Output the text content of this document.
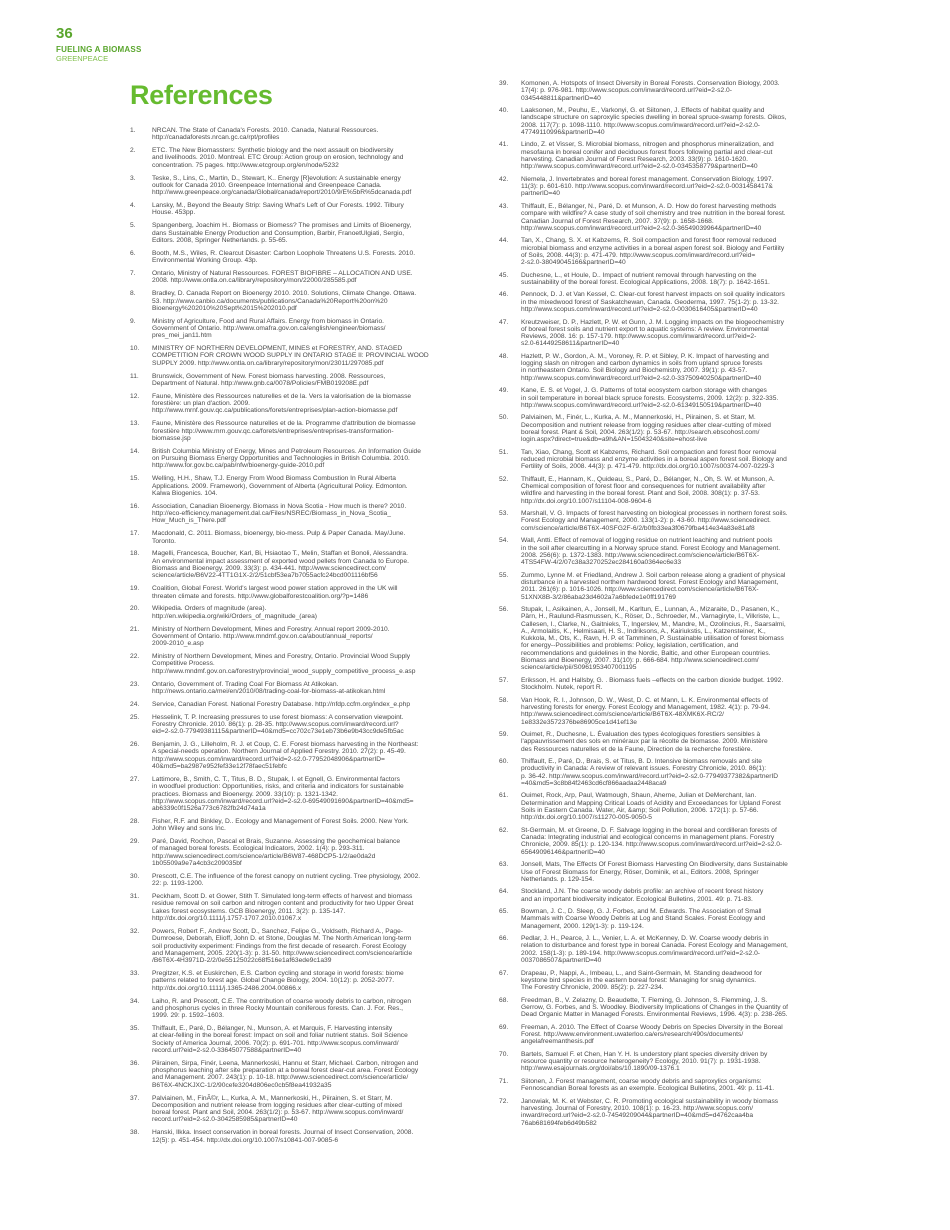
36
FUELING A BIOMASS
GREENPEACE
References
1.	NRCAN. The State of Canada's Forests. 2010. Canada, Natural Ressources.
http://canadaforests.nrcan.gc.ca/rpt/profiles
2.	ETC. The New Biomassters: Synthetic biology and the next assault on biodiversity
and livelihoods. 2010. Montreal. ETC Group: Action group on erosion, technology and
concentration. 75 pages. http://www.etcgroup.org/en/node/5232
3.	Teske, S., Lins, C., Martin, D., Stewart, K.. Energy [R]evolution: A sustainable energy
outlook for Canada 2010. Greenpeace International and Greenpeace Canada.
http://www.greenpeace.org/canada/Global/canada/report/2010/9/E%5bR%5dcanada.pdf
4.	Lansky, M., Beyond the Beauty Strip: Saving What's Left of Our Forests. 1992. Tilbury
House. 453pp.
5.	Spangenberg, Joachim H.. Biomass or Biomess? The promises and Limits of Bioenergy,
dans Sustainable Energy Production and Consumption, Barbir, FranoetUlgiati, Sergio,
Editors. 2008, Springer Netherlands. p. 55-65.
6.	Booth, M.S., Wiles, R. Clearcut Disaster: Carbon Loophole Threatens U.S. Forests. 2010.
Environmental Working Group. 43p.
7.	Ontario, Ministry of Natural Ressources. FOREST BIOFIBRE – ALLOCATION AND USE.
2008. http://www.ontla.on.ca/library/repository/mon/22000/285585.pdf
8.	Bradley, D. Canada Report on Bioenergy 2010. 2010. Solutions, Climate Change. Ottawa.
53. http://www.canbio.ca/documents/publications/Canada%20Report%20on%20
Bioenergy%202010%20Sept%2015%202010.pdf
9.	Ministry of Agriculture, Food and Rural Affairs. Energy from biomass in Ontario.
Government of Ontario. http://www.omafra.gov.on.ca/english/engineer/biomass/
pres_mei_jan11.htm
10.	MINISTRY OF NORTHERN DEVELOPMENT, MINES et FORESTRY, AND. STAGED
COMPETITION FOR CROWN WOOD SUPPLY IN ONTARIO STAGE II: PROVINCIAL WOOD
SUPPLY 2009. http://www.ontla.on.ca/library/repository/mon/23011/297085.pdf
11.	Brunswick, Government of New. Forest biomass harvesting. 2008. Ressources,
Department of Natural. http://www.gnb.ca/0078/Policies/FMB019208E.pdf
12.	Faune, Ministère des Ressources naturelles et de la. Vers la valorisation de la biomasse
forestière: un plan d'action. 2009.
http://www.mrnf.gouv.qc.ca/publications/forets/entreprises/plan-action-biomasse.pdf
13.	Faune, Ministère des Ressource naturelles et de la. Programme d'attribution de biomasse
forestière http://www.mrn.gouv.qc.ca/forets/entreprises/entreprises-transformation-
biomasse.jsp
14.	British Columbia Ministry of Energy, Mines and Petroleum Resources. An Information Guide
on Pursuing Biomass Energy Opportunities and Technologies in British Columbia. 2010.
http://www.for.gov.bc.ca/pab/nfw/bioenergy-guide-2010.pdf
15.	Welling, H.H., Shaw, T.J. Energy From Wood Biomass Combustion In Rural Alberta
Applications. 2009. Framework), Government of Alberta (Agricultural Policy. Edmonton.
Kalwa Biogenics. 104.
16.	Association, Canadian Bioenergy. Biomass in Nova Scotia - How much is there? 2010.
http://eco-efficiency.management.dal.ca/Files/NSREC/Biomass_in_Nova_Scotia_
How_Much_is_There.pdf
17.	Macdonald, C. 2011. Biomass, bioenergy, bio-mess. Pulp & Paper Canada. May/June.
Toronto.
18.	Magelli, Francesca, Boucher, Karl, Bi, Hsiaotao T., Melin, Staffan et Bonoli, Alessandra.
An environmental impact assessment of exported wood pellets from Canada to Europe.
Biomass and Bioenergy. 2009. 33(3): p. 434-441. http://www.sciencedirect.com/
science/article/B6V22-4TT1G1X-2/2/51cbf53ea7b7055acfc24bcd001116bf56
19.	Coalition, Global Forest. World's largest wood power station approved in the UK will
threaten climate and forests. http://www.globalforestcoalition.org/?p=1486
20.	Wikipedia. Orders of magnitude (area).
http://en.wikipedia.org/wiki/Orders_of_magnitude_(area)
21.	Ministry of Northern Development, Mines and Forestry. Annual report 2009-2010.
Government of Ontario. http://www.mndmf.gov.on.ca/about/annual_reports/
2009-2010_e.asp
22.	Ministry of Northern Development, Mines and Forestry, Ontario. Provincial Wood Supply
Competitive Process.
http://www.mndmf.gov.on.ca/forestry/provincial_wood_supply_competitive_process_e.asp
23.	Ontario, Government of. Trading Coal For Biomass At Atikokan.
http://news.ontario.ca/mei/en/2010/08/trading-coal-for-biomass-at-atikokan.html
24.	Service, Canadian Forest. National Forestry Database. http://nfdp.ccfm.org/index_e.php
25.	Hesselink, T. P. Increasing pressures to use forest biomass: A conservation viewpoint.
Forestry Chronicle. 2010. 86(1): p. 28-35. http://www.scopus.com/inward/record.url?
eid=2-s2.0-77949381115&partnerID=40&md5=cc702c73e1eb73b6e9b43cc9de5fb5ac
26.	Benjamin, J. G., Lilleholm, R. J. et Coup, C. E. Forest biomass harvesting in the Northeast:
A special-needs operation. Northern Journal of Applied Forestry. 2010. 27(2): p. 45-49.
http://www.scopus.com/inward/record.url?eid=2-s2.0-77952048906&partnerID=
40&md5=ba2987e952fef33e12f78faec51febfc
27.	Lattimore, B., Smith, C. T., Titus, B. D., Stupak, I. et Egnell, G. Environmental factors
in woodfuel production: Opportunities, risks, and criteria and indicators for sustainable
practices. Biomass and Bioenergy. 2009. 33(10): p. 1321-1342.
http://www.scopus.com/inward/record.url?eid=2-s2.0-69549091690&partnerID=40&md5=
ab6339c0f1526a773c6782fb24d74a1a
28.	Fisher, R.F. and Binkley, D.. Ecology and Management of Forest Soils. 2000. New York.
John Wiley and sons Inc.
29.	Paré, David, Rochon, Pascal et Brais, Suzanne. Assessing the geochemical balance
of managed boreal forests. Ecological Indicators, 2002. 1(4): p. 293-311.
http://www.sciencedirect.com/science/article/B6W87-468DCP5-1/2/ae0da2d
1b05509a9e7a4cb3c209035bf
30.	Prescott, C.E. The influence of the forest canopy on nutrient cycling. Tree physiology, 2002.
22: p. 1193-1200.
31.	Peckham, Scott D. et Gower, Stith T. Simulated long-term effects of harvest and biomass
residue removal on soil carbon and nitrogen content and productivity for two Upper Great
Lakes forest ecosystems. GCB Bioenergy, 2011. 3(2): p. 135-147.
http://dx.doi.org/10.1111/j.1757-1707.2010.01067.x
32.	Powers, Robert F., Andrew Scott, D., Sanchez, Felipe G., Voldseth, Richard A., Page-
Dumroese, Deborah, Elioff, John D. et Stone, Douglas M. The North American long-term
soil productivity experiment: Findings from the first decade of research. Forest Ecology
and Management, 2005. 220(1-3): p. 31-50. http://www.sciencedirect.com/science/article
/B6T6X-4H3971D-2/2/0e55125022c68f516e1af63ede9c1a39
33.	Pregitzer, K.S. et Euskirchen, E.S. Carbon cycling and storage in world forests: biome
patterns related to forest age. Global Change Biology, 2004. 10(12): p. 2052-2077.
http://dx.doi.org/10.1111/j.1365-2486.2004.00866.x
34.	Laiho, R. and Prescott, C.E. The contribution of coarse woody debris to carbon, nitrogen
and phosphorus cycles in three Rocky Mountain coniferous forests. Can. J. For. Res.,
1999. 29: p. 1592–1603.
35.	Thiffault, E., Paré, D., Bélanger, N., Munson, A. et Marquis, F. Harvesting intensity
at clear-felling in the boreal forest: Impact on soil and foliar nutrient status. Soil Science
Society of America Journal, 2006. 70(2): p. 691-701. http://www.scopus.com/inward/
record.url?eid=2-s2.0-33645077588&partnerID=40
36.	Piirainen, Sirpa, Finér, Leena, Mannerkoski, Hannu et Starr, Michael. Carbon, nitrogen and
phosphorus leaching after site preparation at a boreal forest clear-cut area. Forest Ecology
and Management. 2007. 243(1): p. 10-18. http://www.sciencedirect.com/science/article/
B6T6X-4NCKJXC-1/2/90cefe3204d806ec0cb5f8ea41932a35
37.	Palviainen, M., FinÃ©r, L., Kurka, A. M., Mannerkoski, H., Piirainen, S. et Starr, M.
Decomposition and nutrient release from logging residues after clear-cutting of mixed
boreal forest. Plant and Soil, 2004. 263(1/2): p. 53-67. http://www.scopus.com/inward/
record.url?eid=2-s2.0-3042585985&partnerID=40
38.	Hanski, Ilkka. Insect conservation in boreal forests. Journal of Insect Conservation, 2008.
12(5): p. 451-454. http://dx.doi.org/10.1007/s10841-007-9085-6
39.	Komonen, A. Hotspots of Insect Diversity in Boreal Forests. Conservation Biology, 2003.
17(4): p. 976-981. http://www.scopus.com/inward/record.url?eid=2-s2.0-
0345448811&partnerID=40
40.	Laaksonen, M., Peuhu, E., Varkonyi, G. et Siitonen, J. Effects of habitat quality and
landscape structure on saproxylic species dwelling in boreal spruce-swamp forests. Oikos,
2008. 117(7): p. 1098-1110. http://www.scopus.com/inward/record.url?eid=2-s2.0-
47749110996&partnerID=40
41.	Lindo, Z. et Visser, S. Microbial biomass, nitrogen and phosphorus mineralization, and
mesofauna in boreal conifer and deciduous forest floors following partial and clear-cut
harvesting. Canadian Journal of Forest Research, 2003. 33(9): p. 1610-1620.
http://www.scopus.com/inward/record.url?eid=2-s2.0-0345358779&partnerID=40
42.	Niemela, J. Invertebrates and boreal forest management. Conservation Biology, 1997.
11(3): p. 601-610. http://www.scopus.com/inward/record.url?eid=2-s2.0-0031458417&
partnerID=40
43.	Thiffault, E., Bélanger, N., Paré, D. et Munson, A. D. How do forest harvesting methods
compare with wildfire? A case study of soil chemistry and tree nutrition in the boreal forest.
Canadian Journal of Forest Research, 2007. 37(9): p. 1658-1668.
http://www.scopus.com/inward/record.url?eid=2-s2.0-36549039964&partnerID=40
44.	Tan, X., Chang, S. X. et Kabzems, R. Soil compaction and forest floor removal reduced
microbial biomass and enzyme activities in a boreal aspen forest soil. Biology and Fertility
of Soils, 2008. 44(3): p. 471-479. http://www.scopus.com/inward/record.url?eid=
2-s2.0-38049045166&partnerID=40
45.	Duchesne, L., et Houle, D.. Impact of nutrient removal through harvesting on the
sustainability of the boreal forest. Ecological Applications, 2008. 18(7): p. 1642-1651.
46.	Pennock, D. J. et Van Kessel, C. Clear-cut forest harvest impacts on soil quality indicators
in the mixedwood forest of Saskatchewan, Canada. Geoderma, 1997. 75(1-2): p. 13-32.
http://www.scopus.com/inward/record.url?eid=2-s2.0-0030616405&partnerID=40
47.	Kreutzweiser, D. P., Hazlett, P. W. et Gunn, J. M. Logging impacts on the biogeochemistry
of boreal forest soils and nutrient export to aquatic systems: A review. Environmental
Reviews, 2008. 16: p. 157-179. http://www.scopus.com/inward/record.url?eid=2-
s2.0-61449258611&partnerID=40
48.	Hazlett, P. W., Gordon, A. M., Voroney, R. P. et Sibley, P. K. Impact of harvesting and
logging slash on nitrogen and carbon dynamics in soils from upland spruce forests
in northeastern Ontario. Soil Biology and Biochemistry, 2007. 39(1): p. 43-57.
http://www.scopus.com/inward/record.url?eid=2-s2.0-33750940250&partnerID=40
49.	Kane, E. S. et Vogel, J. G. Patterns of total ecosystem carbon storage with changes
in soil temperature in boreal black spruce forests. Ecosystems, 2009. 12(2): p. 322-335.
http://www.scopus.com/inward/record.url?eid=2-s2.0-61349150519&partnerID=40
50.	Palviainen, M., Finér, L., Kurka, A. M., Mannerkoski, H., Piirainen, S. et Starr, M.
Decomposition and nutrient release from logging residues after clear-cutting of mixed
boreal forest. Plant & Soil, 2004. 263(1/2): p. 53-67. http://search.ebscohost.com/
login.aspx?direct=true&db=a9h&AN=15043240&site=ehost-live
51.	Tan, Xiao, Chang, Scott et Kabzems, Richard. Soil compaction and forest floor removal
reduced microbial biomass and enzyme activities in a boreal aspen forest soil. Biology and
Fertility of Soils, 2008. 44(3): p. 471-479. http://dx.doi.org/10.1007/s00374-007-0229-3
52.	Thiffault, E., Hannam, K., Quideau, S., Paré, D., Bélanger, N., Oh, S. W. et Munson, A.
Chemical composition of forest floor and consequences for nutrient availability after
wildfire and harvesting in the boreal forest. Plant and Soil, 2008. 308(1): p. 37-53.
http://dx.doi.org/10.1007/s11104-008-9604-6
53.	Marshall, V. G. Impacts of forest harvesting on biological processes in northern forest soils.
Forest Ecology and Management, 2000. 133(1-2): p. 43-60. http://www.sciencedirect.
com/science/article/B6T6X-40SFG2F-6/2/b0fb33ea3f0679fba414e34a83e81af8
54.	Wall, Antti. Effect of removal of logging residue on nutrient leaching and nutrient pools
in the soil after clearcutting in a Norway spruce stand. Forest Ecology and Management.
2008. 256(6): p. 1372-1383. http://www.sciencedirect.com/science/article/B6T6X-
4TS54FW-4/2/07c38a3270252ec284160a0364ec6e33
55.	Zummo, Lynne M. et Friedland, Andrew J. Soil carbon release along a gradient of physical
disturbance in a harvested northern hardwood forest. Forest Ecology and Management,
2011. 261(6): p. 1016-1026. http://www.sciencedirect.com/science/article/B6T6X-
51XNX8B-3/2/86aba23d4602a7a6bfede1e0ff191769
56.	Stupak, I., Asikainen, A., Jonsell, M., Karltun, E., Lunnan, A., Mizaraite, D., Pasanen, K.,
Pärn, H., Raulund-Rasmussen, K., Röser, D., Schroeder, M., Varnagiryte, I., Vilkriste, L.,
Callesen, I., Clarke, N., Gaitnieks, T., Ingerslev, M., Mandre, M., Ozolincius, R., Saarsalmi,
A., Armolaitis, K., Helmisaari, H. S., Indriksons, A., Kairiukstis, L., Katzensteiner, K.,
Kukkola, M., Ots, K., Ravn, H. P. et Tamminen, P. Sustainable utilisation of forest biomass
for energy--Possibilities and problems: Policy, legislation, certification, and
recommendations and guidelines in the Nordic, Baltic, and other European countries.
Biomass and Bioenergy, 2007. 31(10): p. 666-684. http://www.sciencedirect.com/
science/article/pii/S0961953407001195
57.	Eriksson, H. and Hallsby, G. . Biomass fuels –effects on the carbon dioxide budget. 1992.
Stockholm. Nutek, report R.
58.	Van Hook, R. I., Johnson, D. W., West, D. C. et Mann, L. K. Environmental effects of
harvesting forests for energy. Forest Ecology and Management, 1982. 4(1): p. 79-94.
http://www.sciencedirect.com/science/article/B6T6X-48XMK6X-RC/2/
1e8332e3572376be86905ce1d41ef13e
59.	Ouimet, R., Duchesne, L. Évaluation des types écologiques forestiers sensibles à
l'appauvrissement des sols en minéraux par la récolte de biomasse. 2009. Ministère
des Ressources naturelles et de la Faune, Direction de la recherche forestière.
60.	Thiffault, E., Paré, D., Brais, S. et Titus, B. D. Intensive biomass removals and site
productivity in Canada: A review of relevant issues. Forestry Chronicle, 2010. 86(1):
p. 36-42. http://www.scopus.com/inward/record.url?eid=2-s2.0-77949377382&partnerID
=40&md5=3c8b84f2463cd6cf866aadaa2448aca9
61.	Ouimet, Rock, Arp, Paul, Watmough, Shaun, Aherne, Julian et DeMerchant, Ian.
Determination and Mapping Critical Loads of Acidity and Exceedances for Upland Forest
Soils in Eastern Canada. Water, Air, &amp; Soil Pollution, 2006. 172(1): p. 57-66.
http://dx.doi.org/10.1007/s11270-005-9050-5
62.	St-Germain, M. et Greene, D. F. Salvage logging in the boreal and cordilleran forests of
Canada: Integrating industrial and ecological concerns in management plans. Forestry
Chronicle, 2009. 85(1): p. 120-134. http://www.scopus.com/inward/record.url?eid=2-s2.0-
65649096146&partnerID=40
63.	Jonsell, Mats, The Effects Of Forest Biomass Harvesting On Biodiversity, dans Sustainable
Use of Forest Biomass for Energy, Röser, Dominik, et al., Editors. 2008, Springer
Netherlands. p. 129-154.
64.	Stockland, J.N. The coarse woody debris profile: an archive of recent forest history
and an important biodiversity indicator. Ecological Bulletins, 2001. 49: p. 71-83.
65.	Bowman, J. C., D. Sleep, G. J. Forbes, and M. Edwards. The Association of Small
Mammals with Coarse Woody Debris at Log and Stand Scales. Forest Ecology and
Management, 2000. 129(1-3): p. 119-124.
66.	Pedlar, J. H., Pearce, J. L., Venier, L. A. et McKenney, D. W. Coarse woody debris in
relation to disturbance and forest type in boreal Canada. Forest Ecology and Management,
2002. 158(1-3): p. 189-194. http://www.scopus.com/inward/record.url?eid=2-s2.0-
0037086507&partnerID=40
67.	Drapeau, P., Nappi, A., Imbeau, L., and Saint-Germain, M. Standing deadwood for
keystone bird species in the eastern boreal forest: Managing for snag dynamics.
The Forestry Chronicle, 2009. 85(2): p. 227-234.
68.	Freedman, B., V. Zelazny, D. Beaudette, T. Fleming, G. Johnson, S. Flemming, J. S.
Gerrow, G. Forbes, and S. Woodley. Biodiversity Implications of Changes in the Quantity of
Dead Organic Matter in Managed Forests. Environmental Reviews, 1996. 4(3): p. 238-265.
69.	Freeman, A. 2010. The Effect of Coarse Woody Debris on Species Diversity in the Boreal
Forest. http://www.environment.uwaterloo.ca/ers/research/490s/documents/
angelafreemanthesis.pdf
70.	Bartels, Samuel F. et Chen, Han Y. H. Is understory plant species diversity driven by
resource quantity or resource heterogeneity? Ecology, 2010. 91(7): p. 1931-1938.
http://www.esajournals.org/doi/abs/10.1890/09-1376.1
71.	Siitonen, J. Forest management, coarse woody debris and saproxylics organisms:
Fennoscandian Boreal forests as an exemple. Ecological Bulletins, 2001. 49: p. 11-41.
72.	Janowiak, M. K. et Webster, C. R. Promoting ecological sustainability in woody biomass
harvesting. Journal of Forestry, 2010. 108(1): p. 16-23. http://www.scopus.com/
inward/record.url?eid=2-s2.0-74549209044&partnerID=40&md5=d4762caa4ba
76ab681694feb6d49b582
